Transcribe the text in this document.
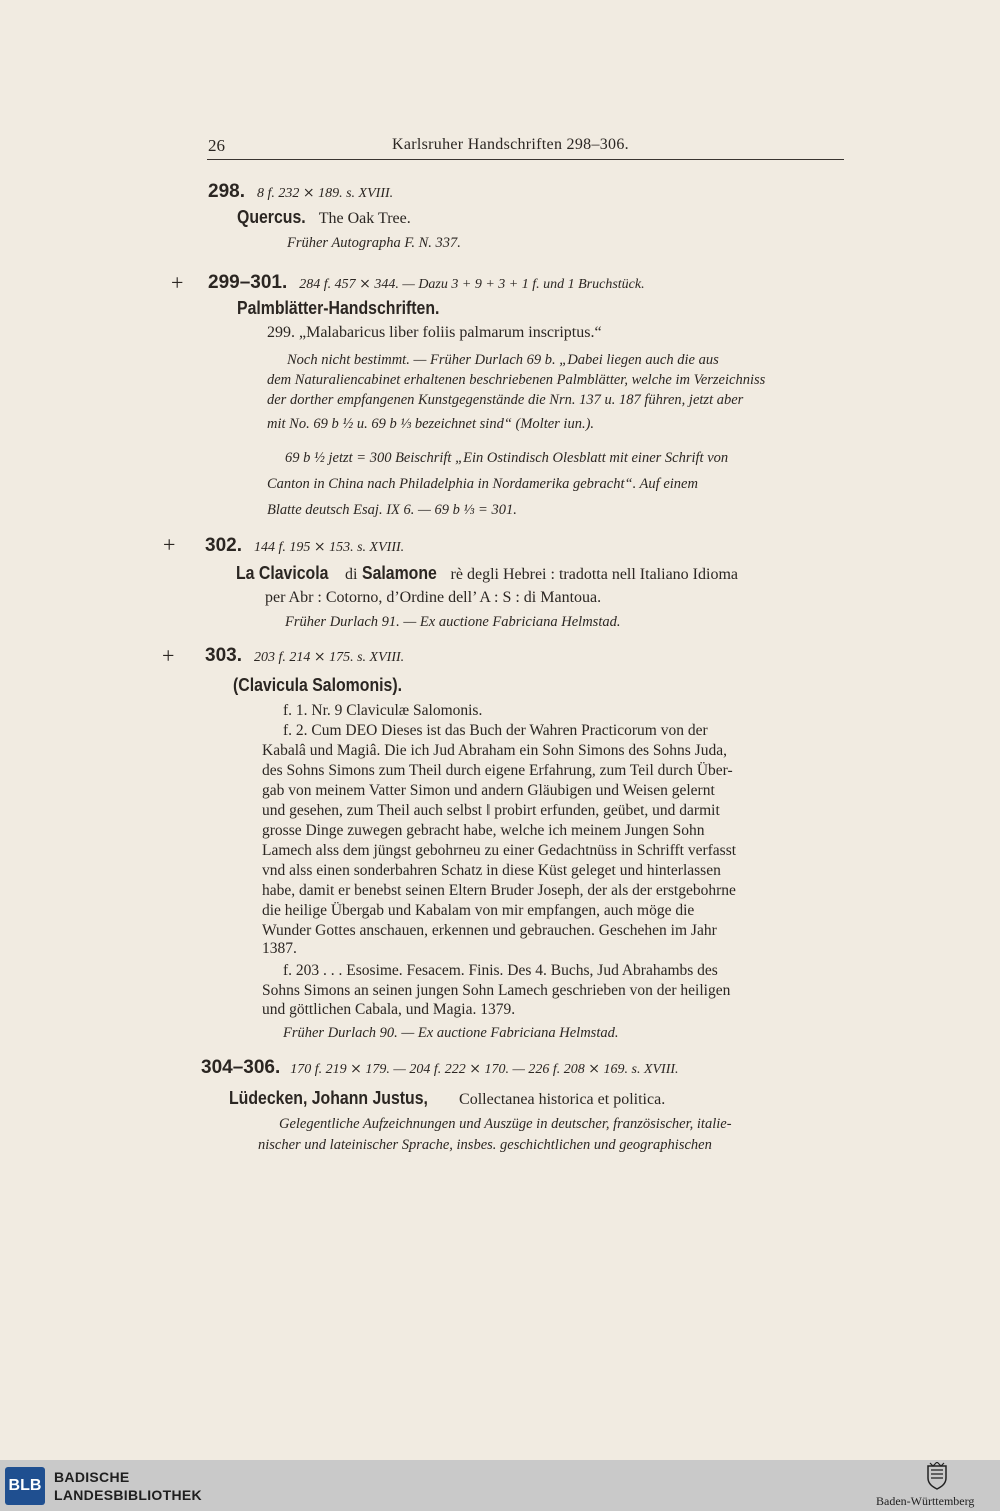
26	Karlsruher Handschriften 298–306.
298. 8 f. 232 ⨯ 189. s. XVIII.
Quercus. The Oak Tree.
Früher Autographa F. N. 337.
+ 299–301. 284 f. 457 ⨯ 344. — Dazu 3 + 9 + 3 + 1 f. und 1 Bruchstück.
Palmblätter-Handschriften.
299. „Malabaricus liber foliis palmarum inscriptus.“
Noch nicht bestimmt. — Früher Durlach 69 b. „Dabei liegen auch die aus
dem Naturaliencabinet erhaltenen beschriebenen Palmblätter, welche im Verzeichniss
der dorther empfangenen Kunstgegenstände die Nrn. 137 u. 187 führen, jetzt aber
mit No. 69 b ½ u. 69 b ⅓ bezeichnet sind“ (Molter iun.).
69 b ½ jetzt = 300 Beischrift „Ein Ostindisch Olesblatt mit einer Schrift von
Canton in China nach Philadelphia in Nordamerika gebracht“. Auf einem
Blatte deutsch Esaj. IX 6. — 69 b ⅓ = 301.
+ 302. 144 f. 195 ⨯ 153. s. XVIII.
La Clavicola di Salamone rè degli Hebrei : tradotta nell Italiano Idioma
per Abr : Cotorno, d’Ordine dell’ A : S : di Mantoua.
Früher Durlach 91. — Ex auctione Fabriciana Helmstad.
+ 303. 203 f. 214 ⨯ 175. s. XVIII.
(Clavicula Salomonis).
f. 1. Nr. 9 Claviculæ Salomonis.
f. 2. Cum DEO Dieses ist das Buch der Wahren Practicorum von der
Kabalâ und Magiâ. Die ich Jud Abraham ein Sohn Simons des Sohns Juda,
des Sohns Simons zum Theil durch eigene Erfahrung, zum Teil durch Über-
gab von meinem Vatter Simon und andern Gläubigen und Weisen gelernt
und gesehen, zum Theil auch selbst ‖ probirt erfunden, geübet, und darmit
grosse Dinge zuwegen gebracht habe, welche ich meinem Jungen Sohn
Lamech alss dem jüngst gebohrneu zu einer Gedachtnüss in Schrifft verfasst
vnd alss einen sonderbahren Schatz in diese Küst geleget und hinterlassen
habe, damit er benebst seinen Eltern Bruder Joseph, der als der erstgebohrne
die heilige Übergab und Kabalam von mir empfangen, auch möge die
Wunder Gottes anschauen, erkennen und gebrauchen. Geschehen im Jahr
1387.
f. 203 . . . Esosime. Fesacem. Finis. Des 4. Buchs, Jud Abrahambs des
Sohns Simons an seinen jungen Sohn Lamech geschrieben von der heiligen
und göttlichen Cabala, und Magia. 1379.
Früher Durlach 90. — Ex auctione Fabriciana Helmstad.
304–306. 170 f. 219 ⨯ 179. — 204 f. 222 ⨯ 170. — 226 f. 208 ⨯ 169. s. XVIII.
Lüdecken, Johann Justus, Collectanea historica et politica.
Gelegentliche Aufzeichnungen und Auszüge in deutscher, französischer, italie-
nischer und lateinischer Sprache, insbes. geschichtlichen und geographischen
BLB BADISCHE
LANDESBIBLIOTHEK	Baden-Württemberg
